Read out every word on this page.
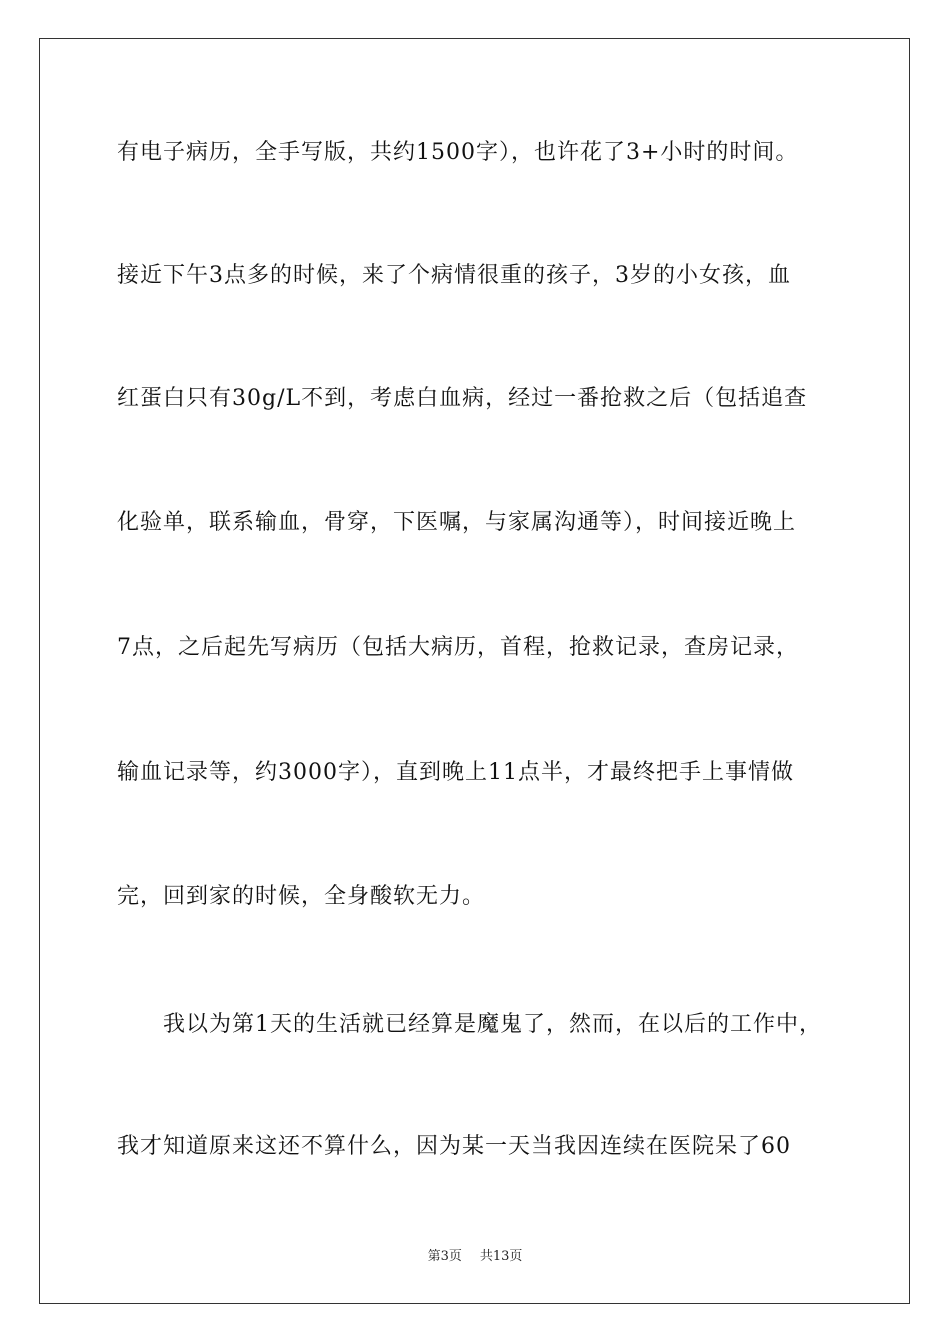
有电子病历，全手写版，共约1500字），也许花了3+小时的时间。
接近下午3点多的时候，来了个病情很重的孩子，3岁的小女孩，血
红蛋白只有30g/L不到，考虑白血病，经过一番抢救之后（包括追查
化验单，联系输血，骨穿，下医嘱，与家属沟通等），时间接近晚上
7点，之后起先写病历（包括大病历，首程，抢救记录，查房记录，
输血记录等，约3000字），直到晚上11点半，才最终把手上事情做
完，回到家的时候，全身酸软无力。
我以为第1天的生活就已经算是魔鬼了，然而，在以后的工作中，
我才知道原来这还不算什么，因为某一天当我因连续在医院呆了60
第3页 共13页
